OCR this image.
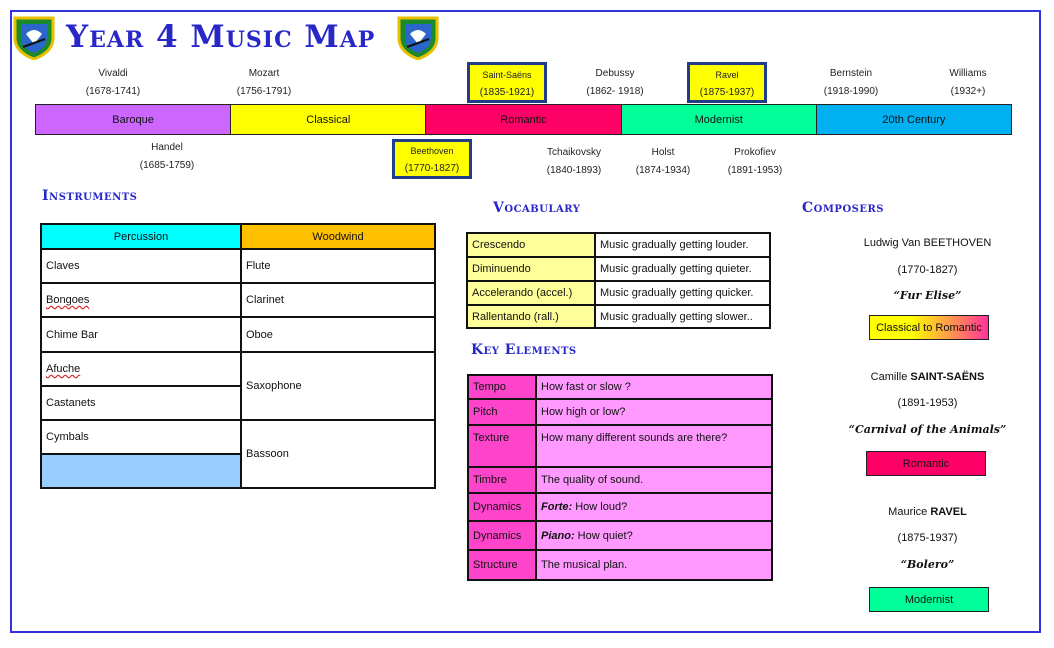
Year 4 Music Map
Vivaldi
(1678-1741)
Mozart
(1756-1791)
Saint-Saëns
(1835-1921)
Debussy
(1862- 1918)
Ravel
(1875-1937)
Bernstein
(1918-1990)
Williams
(1932+)
Baroque	Classical	Romantic	Modernist	20th Century
Handel
(1685-1759)
Beethoven
(1770-1827)
Tchaikovsky
(1840-1893)
Holst
(1874-1934)
Prokofiev
(1891-1953)
Instruments
Percussion	Woodwind
Claves	Flute
Bongoes	Clarinet
Chime Bar	Oboe
Afuche	Saxophone
Castanets	
Cymbals	Bassoon

Vocabulary
Crescendo	Music gradually getting louder.
Diminuendo	Music gradually getting quieter.
Accelerando (accel.)	Music gradually getting quicker.
Rallentando (rall.)	Music gradually getting slower..
Key Elements
Tempo	How fast or slow ?
Pitch	How high or low?
Texture	How many different sounds are there?
Timbre	The quality of sound.
Dynamics	Forte: How loud?
Dynamics	Piano: How quiet?
Structure	The musical plan.
Composers
Ludwig Van BEETHOVEN
(1770-1827)
“Fur Elise”
Classical to Romantic
Camille SAINT-SAËNS
(1891-1953)
“Carnival of the Animals”
Romantic
Maurice RAVEL
(1875-1937)
“Bolero”
Modernist
